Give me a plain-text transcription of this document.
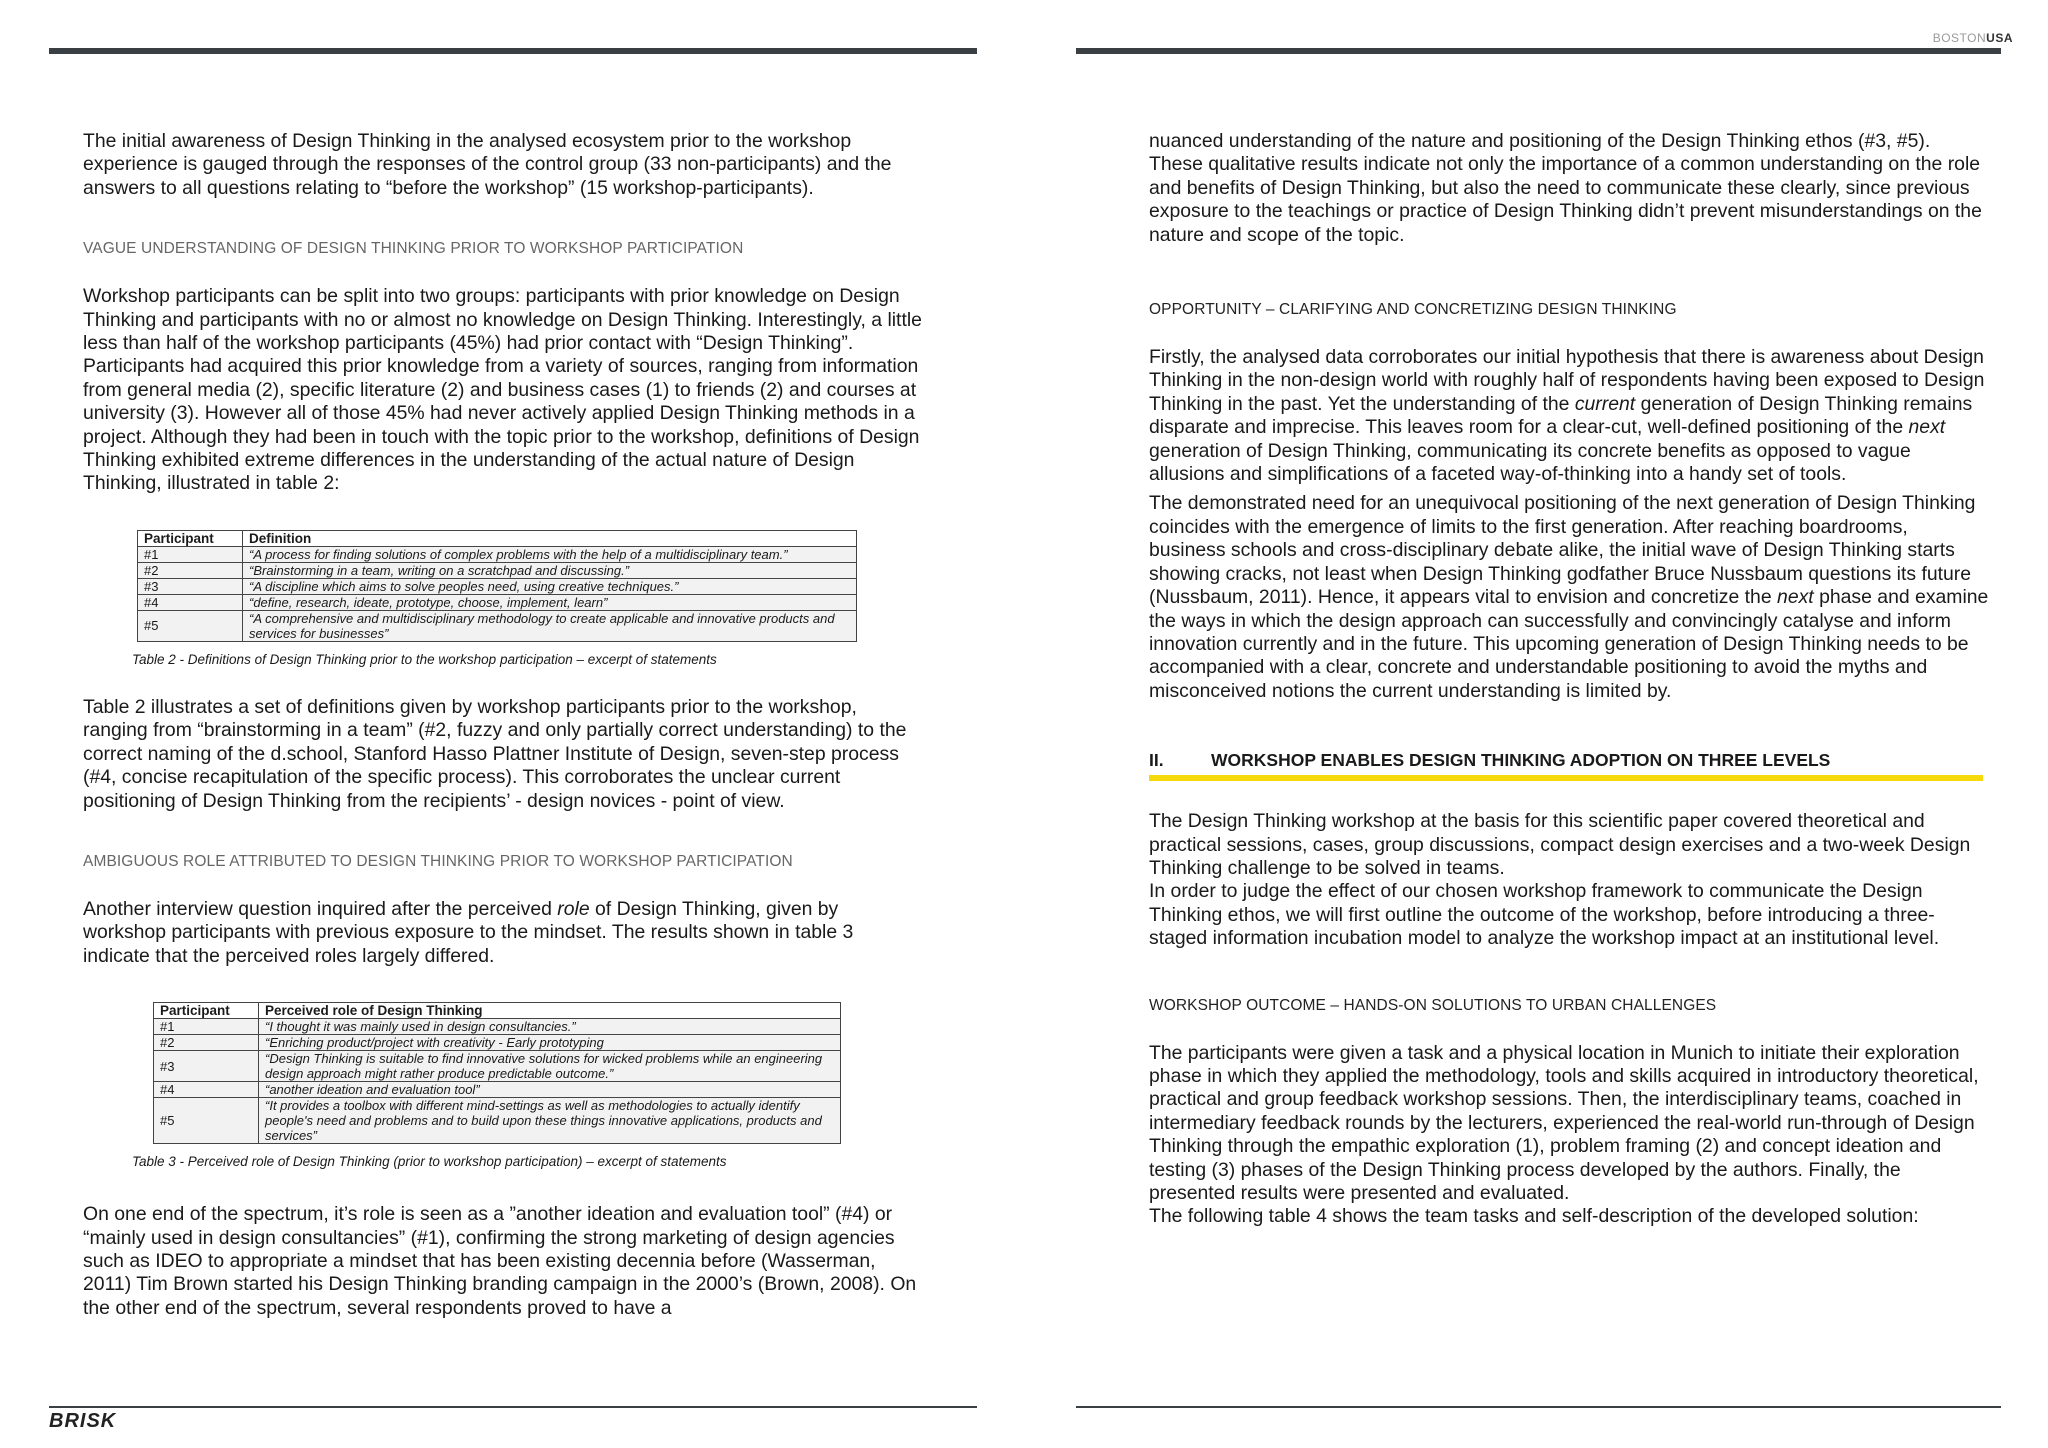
BOSTONUSA
BRISK

The initial awareness of Design Thinking in the analysed ecosystem prior to the workshop experience is gauged through the responses of the control group (33 non-participants) and the answers to all questions relating to “before the workshop” (15 workshop-participants).

VAGUE UNDERSTANDING OF DESIGN THINKING PRIOR TO WORKSHOP PARTICIPATION

Workshop participants can be split into two groups: participants with prior knowledge on Design Thinking and participants with no or almost no knowledge on Design Thinking. Interestingly, a little less than half of the workshop participants (45%) had prior contact with “Design Thinking”. Participants had acquired this prior knowledge from a variety of sources, ranging from information from general media (2), specific literature (2) and business cases (1) to friends (2) and courses at university (3). However all of those 45% had never actively applied Design Thinking methods in a project. Although they had been in touch with the topic prior to the workshop, definitions of Design Thinking exhibited extreme differences in the understanding of the actual nature of Design Thinking, illustrated in table 2:

Participant	Definition
#1	“A process for finding solutions of complex problems with the help of a multidisciplinary team.”
#2	“Brainstorming in a team, writing on a scratchpad and discussing.”
#3	“A discipline which aims to solve peoples need, using creative techniques.”
#4	“define, research, ideate, prototype, choose, implement, learn”
#5	“A comprehensive and multidisciplinary methodology to create applicable and innovative products and services for businesses”

Table 2 - Definitions of Design Thinking prior to the workshop participation – excerpt of statements

Table 2 illustrates a set of definitions given by workshop participants prior to the workshop, ranging from “brainstorming in a team” (#2, fuzzy and only partially correct understanding) to the correct naming of the d.school, Stanford Hasso Plattner Institute of Design, seven-step process (#4, concise recapitulation of the specific process). This corroborates the unclear current positioning of Design Thinking from the recipients’ - design novices - point of view.

AMBIGUOUS ROLE ATTRIBUTED TO DESIGN THINKING PRIOR TO WORKSHOP PARTICIPATION

Another interview question inquired after the perceived role of Design Thinking, given by workshop participants with previous exposure to the mindset. The results shown in table 3 indicate that the perceived roles largely differed.

Participant	Perceived role of Design Thinking
#1	“I thought it was mainly used in design consultancies.”
#2	“Enriching product/project with creativity - Early prototyping
#3	“Design Thinking is suitable to find innovative solutions for wicked problems while an engineering design approach might rather produce predictable outcome.”
#4	“another ideation and evaluation tool”
#5	“It provides a toolbox with different mind-settings as well as methodologies to actually identify people's need and problems and to build upon these things innovative applications, products and services”

Table 3 - Perceived role of Design Thinking (prior to workshop participation) – excerpt of statements

On one end of the spectrum, it’s role is seen as a ”another ideation and evaluation tool” (#4) or “mainly used in design consultancies” (#1), confirming the strong marketing of design agencies such as IDEO to appropriate a mindset that has been existing decennia before (Wasserman, 2011) Tim Brown started his Design Thinking branding campaign in the 2000’s (Brown, 2008). On the other end of the spectrum, several respondents proved to have a

nuanced understanding of the nature and positioning of the Design Thinking ethos (#3, #5). These qualitative results indicate not only the importance of a common understanding on the role and benefits of Design Thinking, but also the need to communicate these clearly, since previous exposure to the teachings or practice of Design Thinking didn’t prevent misunderstandings on the nature and scope of the topic.

OPPORTUNITY – CLARIFYING AND CONCRETIZING DESIGN THINKING

Firstly, the analysed data corroborates our initial hypothesis that there is awareness about Design Thinking in the non-design world with roughly half of respondents having been exposed to Design Thinking in the past. Yet the understanding of the current generation of Design Thinking remains disparate and imprecise. This leaves room for a clear-cut, well-defined positioning of the next generation of Design Thinking, communicating its concrete benefits as opposed to vague allusions and simplifications of a faceted way-of-thinking into a handy set of tools.

The demonstrated need for an unequivocal positioning of the next generation of Design Thinking coincides with the emergence of limits to the first generation. After reaching boardrooms, business schools and cross-disciplinary debate alike, the initial wave of Design Thinking starts showing cracks, not least when Design Thinking godfather Bruce Nussbaum questions its future (Nussbaum, 2011). Hence, it appears vital to envision and concretize the next phase and examine the ways in which the design approach can successfully and convincingly catalyse and inform innovation currently and in the future. This upcoming generation of Design Thinking needs to be accompanied with a clear, concrete and understandable positioning to avoid the myths and misconceived notions the current understanding is limited by.

II.	WORKSHOP ENABLES DESIGN THINKING ADOPTION ON THREE LEVELS

The Design Thinking workshop at the basis for this scientific paper covered theoretical and practical sessions, cases, group discussions, compact design exercises and a two-week Design Thinking challenge to be solved in teams.

In order to judge the effect of our chosen workshop framework to communicate the Design Thinking ethos, we will first outline the outcome of the workshop, before introducing a three-staged information incubation model to analyze the workshop impact at an institutional level.

WORKSHOP OUTCOME – HANDS-ON SOLUTIONS TO URBAN CHALLENGES

The participants were given a task and a physical location in Munich to initiate their exploration phase in which they applied the methodology, tools and skills acquired in introductory theoretical, practical and group feedback workshop sessions. Then, the interdisciplinary teams, coached in intermediary feedback rounds by the lecturers, experienced the real-world run-through of Design Thinking through the empathic exploration (1), problem framing (2) and concept ideation and testing (3) phases of the Design Thinking process developed by the authors. Finally, the presented results were presented and evaluated.

The following table 4 shows the team tasks and self-description of the developed solution:
